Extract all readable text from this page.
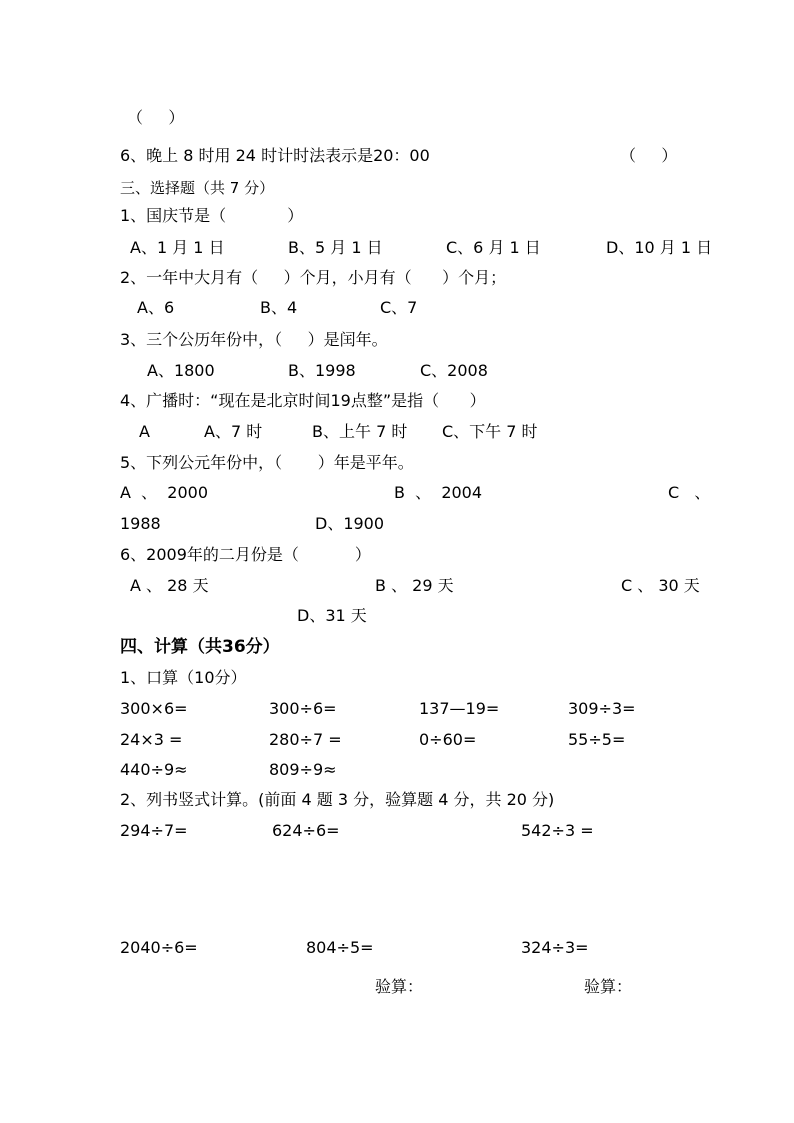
（     ）
6、晚上 8 时用 24 时计时法表示是20：00	（     ）
三、选择题（共 7 分）
1、国庆节是（            ）
A、1 月 1 日	B、5 月 1 日	C、6 月 1 日	D、10 月 1 日
2、一年中大月有（     ）个月，小月有（      ）个月；
A、6	B、4	C、7
3、三个公历年份中，（     ）是闰年。
A、1800	B、1998	C、2008
4、广播时：“现在是北京时间19点整”是指（      ）
A	A、7 时	B、上午 7 时 C、下午 7 时
5、下列公元年份中，（       ）年是平年。
A  、  2000	B  、  2004	C   、
1988	D、1900
6、2009年的二月份是（           ）
A 、 28 天	B 、 29 天	C 、 30 天
D、31 天
四、计算（共36分）
1、口算（10分）
300×6=	300÷6=	137—19=	309÷3=
24×3 =	280÷7 =	0÷60=	55÷5=
440÷9≈	809÷9≈
2、列书竖式计算。(前面 4 题 3 分，验算题 4 分，共 20 分)
294÷7=	624÷6=	542÷3 =
2040÷6=	804÷5=	324÷3=
验算：	验算：
